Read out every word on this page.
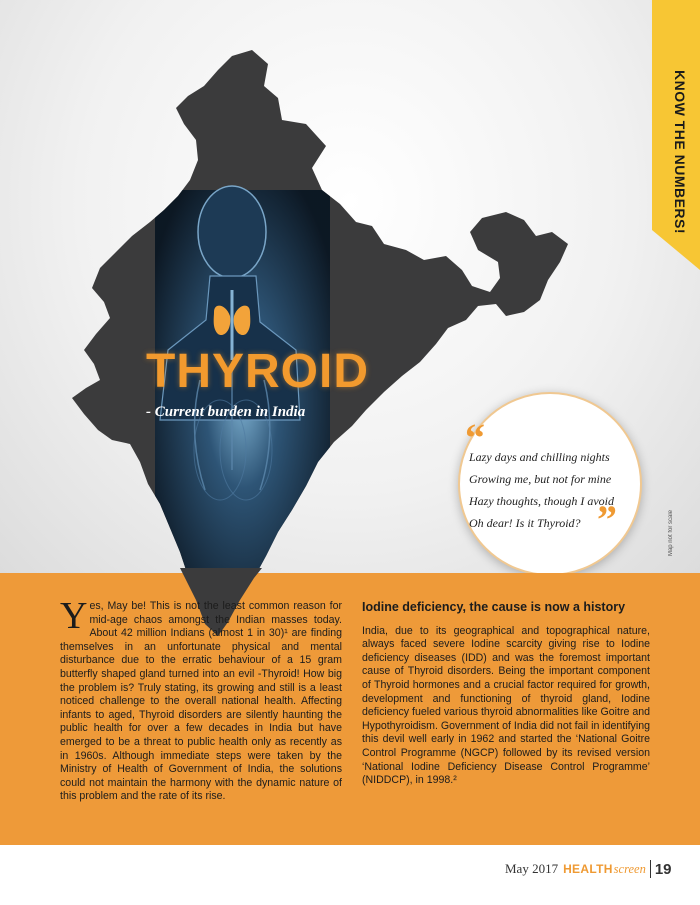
KNOW THE NUMBERS!
THYROID
- Current burden in India
“
Lazy days and chilling nights
Growing me, but not for mine
Hazy thoughts, though I avoid
Oh dear! Is it Thyroid? ”	Map not for scale
Y es, May be! This is not the least common reason for mid-age chaos amongst the Indian masses today. About 42 million Indians (almost 1 in 30)¹ are finding themselves in an unfortunate physical and mental disturbance due to the erratic behaviour of a 15 gram butterfly shaped gland turned into an evil -Thyroid! How big the problem is? Truly stating, its growing and still is a least noticed challenge to the overall national health. Affecting infants to aged, Thyroid disorders are silently haunting the public health for over a few decades in India but have emerged to be a threat to public health only as recently as in 1960s. Although immediate steps were taken by the Ministry of Health of Government of India, the solutions could not maintain the harmony with the dynamic nature of this problem and the rate of its rise.

Iodine deficiency, the cause is now a history

India, due to its geographical and topographical nature, always faced severe Iodine scarcity giving rise to Iodine deficiency diseases (IDD) and was the foremost important cause of Thyroid disorders. Being the important component of Thyroid hormones and a crucial factor required for growth, development and functioning of thyroid gland, Iodine deficiency fueled various thyroid abnormalities like Goitre and Hypothyroidism. Government of India did not fail in identifying this devil well early in 1962 and started the ‘National Goitre Control Programme (NGCP) followed by its revised version ‘National Iodine Deficiency Disease Control Programme’ (NIDDCP), in 1998.²

May 2017 HEALTH screen 19
